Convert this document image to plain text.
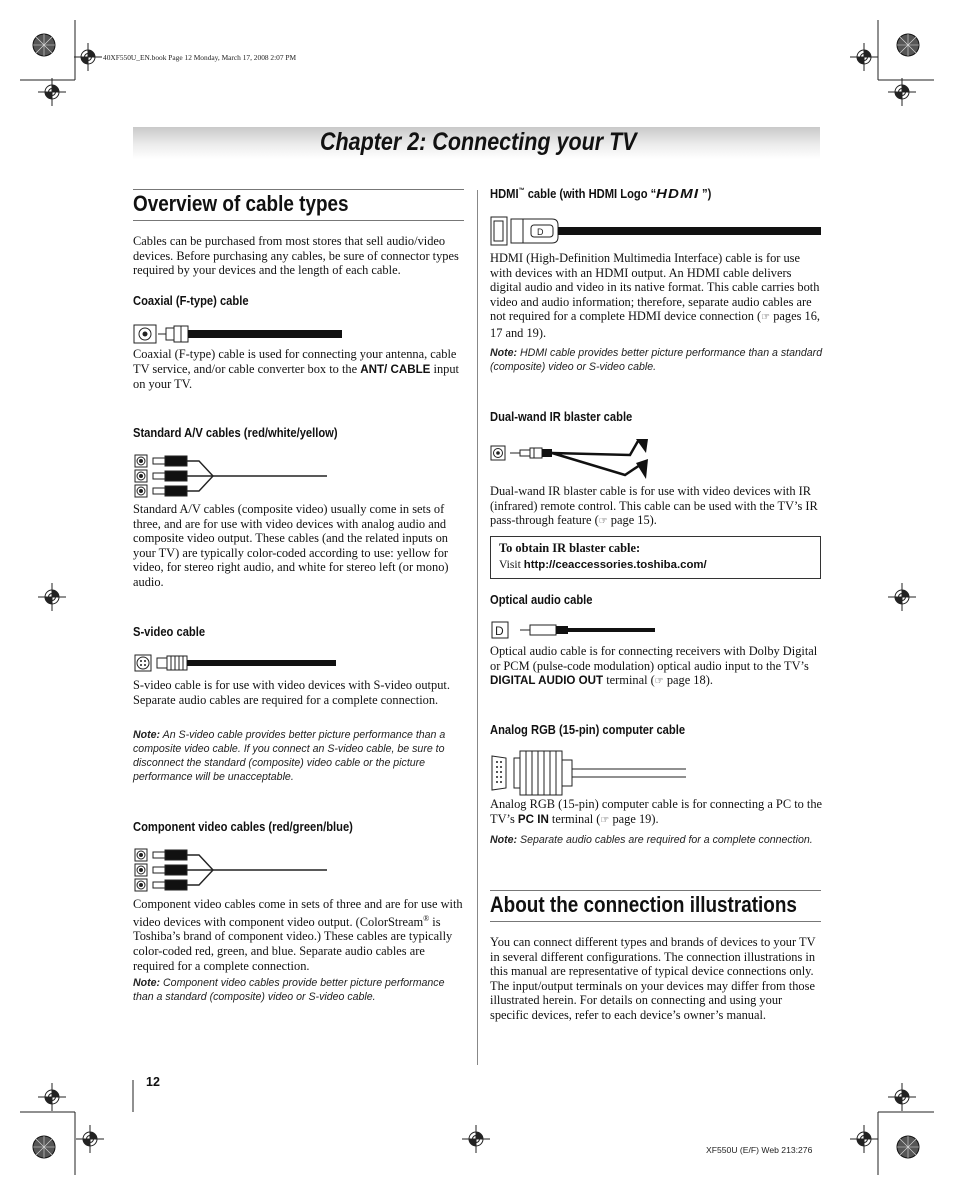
40XF550U_EN.book Page 12 Monday, March 17, 2008 2:07 PM
Chapter 2: Connecting your TV
Overview of cable types
Cables can be purchased from most stores that sell audio/video devices. Before purchasing any cables, be sure of connector types required by your devices and the length of each cable.
Coaxial (F-type) cable
Coaxial (F-type) cable is used for connecting your antenna, cable TV service, and/or cable converter box to the ANT/ CABLE input on your TV.
Standard A/V cables (red/white/yellow)
Standard A/V cables (composite video) usually come in sets of three, and are for use with video devices with analog audio and composite video output. These cables (and the related inputs on your TV) are typically color-coded according to use: yellow for video, for stereo right audio, and white for stereo left (or mono) audio.
S-video cable
S-video cable is for use with video devices with S-video output. Separate audio cables are required for a complete connection.
Note: An S-video cable provides better picture performance than a composite video cable. If you connect an S-video cable, be sure to disconnect the standard (composite) video cable or the picture performance will be unacceptable.
Component video cables (red/green/blue)
Component video cables come in sets of three and are for use with video devices with component video output. (ColorStream® is Toshiba’s brand of component video.) These cables are typically color-coded red, green, and blue. Separate audio cables are required for a complete connection.
Note: Component video cables provide better picture performance than a standard (composite) video or S-video cable.
HDMI™ cable (with HDMI Logo “HDMI ”)
D
HDMI (High-Definition Multimedia Interface) cable is for use with devices with an HDMI output. An HDMI cable delivers digital audio and video in its native format. This cable carries both video and audio information; therefore, separate audio cables are not required for a complete HDMI device connection (☞ pages 16, 17 and 19).
Note: HDMI cable provides better picture performance than a standard (composite) video or S-video cable.
Dual-wand IR blaster cable
Dual-wand IR blaster cable is for use with video devices with IR (infrared) remote control. This cable can be used with the TV’s IR pass-through feature (☞ page 15).
To obtain IR blaster cable:
Visit http://ceaccessories.toshiba.com/
Optical audio cable
D
Optical audio cable is for connecting receivers with Dolby Digital or PCM (pulse-code modulation) optical audio input to the TV’s DIGITAL AUDIO OUT terminal (☞ page 18).
Analog RGB (15-pin) computer cable
Analog RGB (15-pin) computer cable is for connecting a PC to the TV’s PC IN terminal (☞ page 19).
Note: Separate audio cables are required for a complete connection.
About the connection illustrations
You can connect different types and brands of devices to your TV in several different configurations. The connection illustrations in this manual are representative of typical device connections only. The input/output terminals on your devices may differ from those illustrated herein. For details on connecting and using your specific devices, refer to each device’s owner’s manual.
12
XF550U (E/F) Web 213:276
